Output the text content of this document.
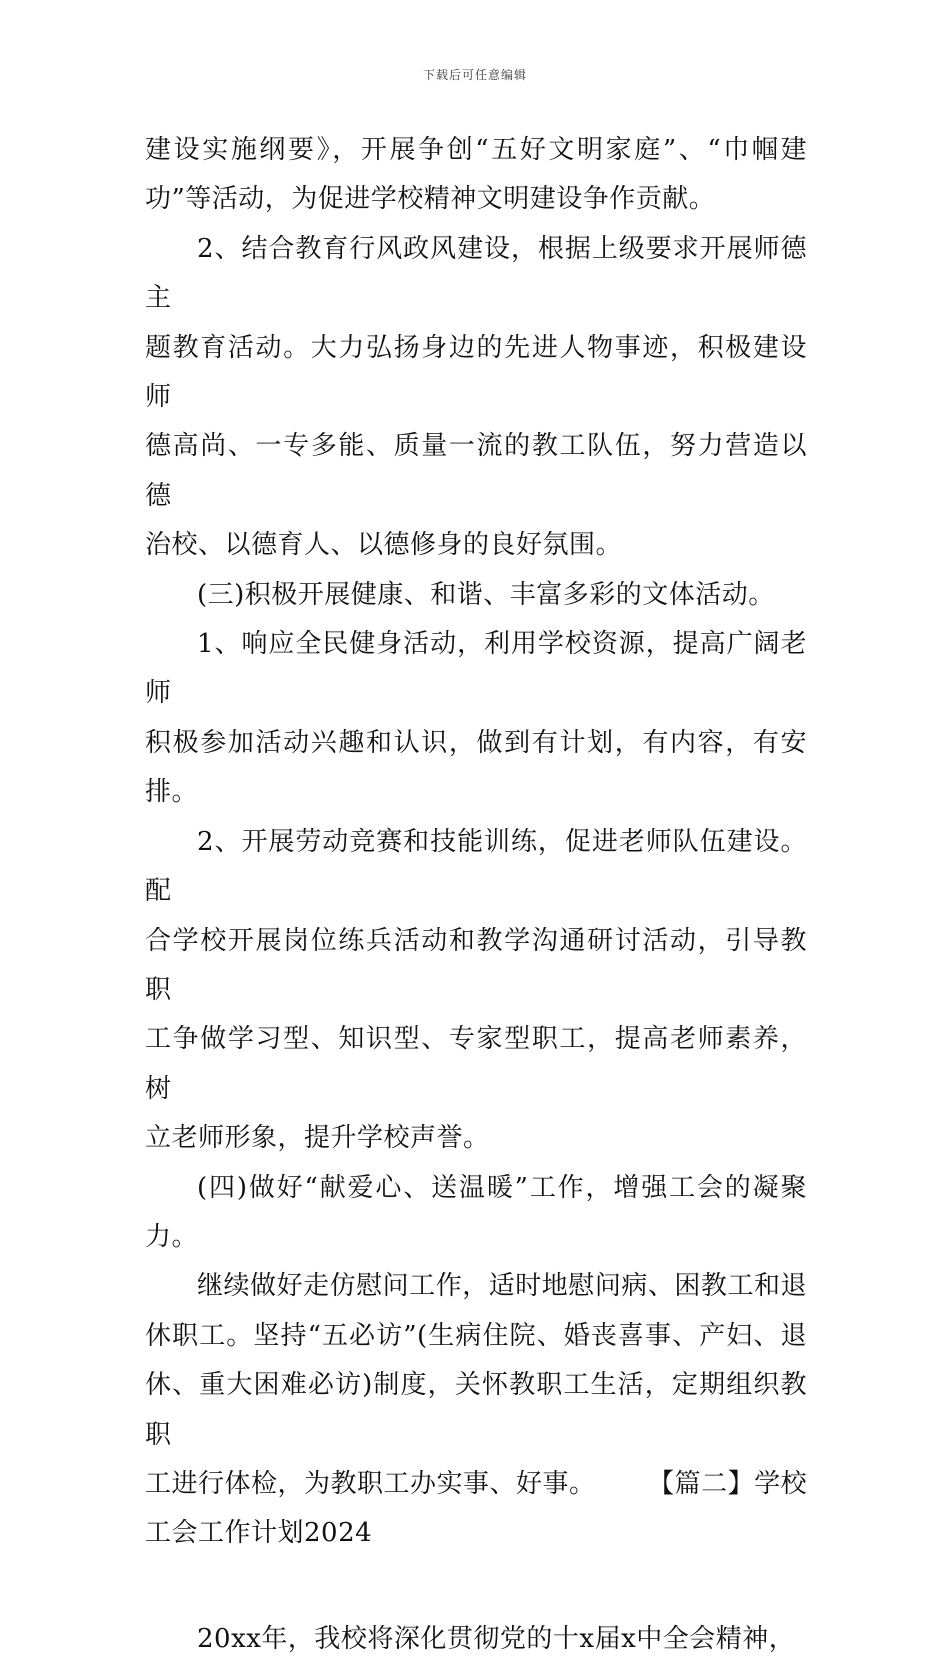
下载后可任意编辑

建设实施纲要》，开展争创“五好文明家庭”、“巾帼建
功”等活动，为促进学校精神文明建设争作贡献。

2、结合教育行风政风建设，根据上级要求开展师德主
题教育活动。大力弘扬身边的先进人物事迹，积极建设师
德高尚、一专多能、质量一流的教工队伍，努力营造以德
治校、以德育人、以德修身的良好氛围。

(三)积极开展健康、和谐、丰富多彩的文体活动。

1、响应全民健身活动，利用学校资源，提高广阔老师
积极参加活动兴趣和认识，做到有计划，有内容，有安排。

2、开展劳动竞赛和技能训练，促进老师队伍建设。配
合学校开展岗位练兵活动和教学沟通研讨活动，引导教职
工争做学习型、知识型、专家型职工，提高老师素养，树
立老师形象，提升学校声誉。

(四)做好“献爱心、送温暖”工作，增强工会的凝聚
力。

继续做好走仿慰问工作，适时地慰问病、困教工和退
休职工。坚持“五必访”(生病住院、婚丧喜事、产妇、退
休、重大困难必访)制度，关怀教职工生活，定期组织教职
工进行体检，为教职工办实事、好事。      【篇二】学校
工会工作计划2024

20xx年，我校将深化贯彻党的十x届x中全会精神，
